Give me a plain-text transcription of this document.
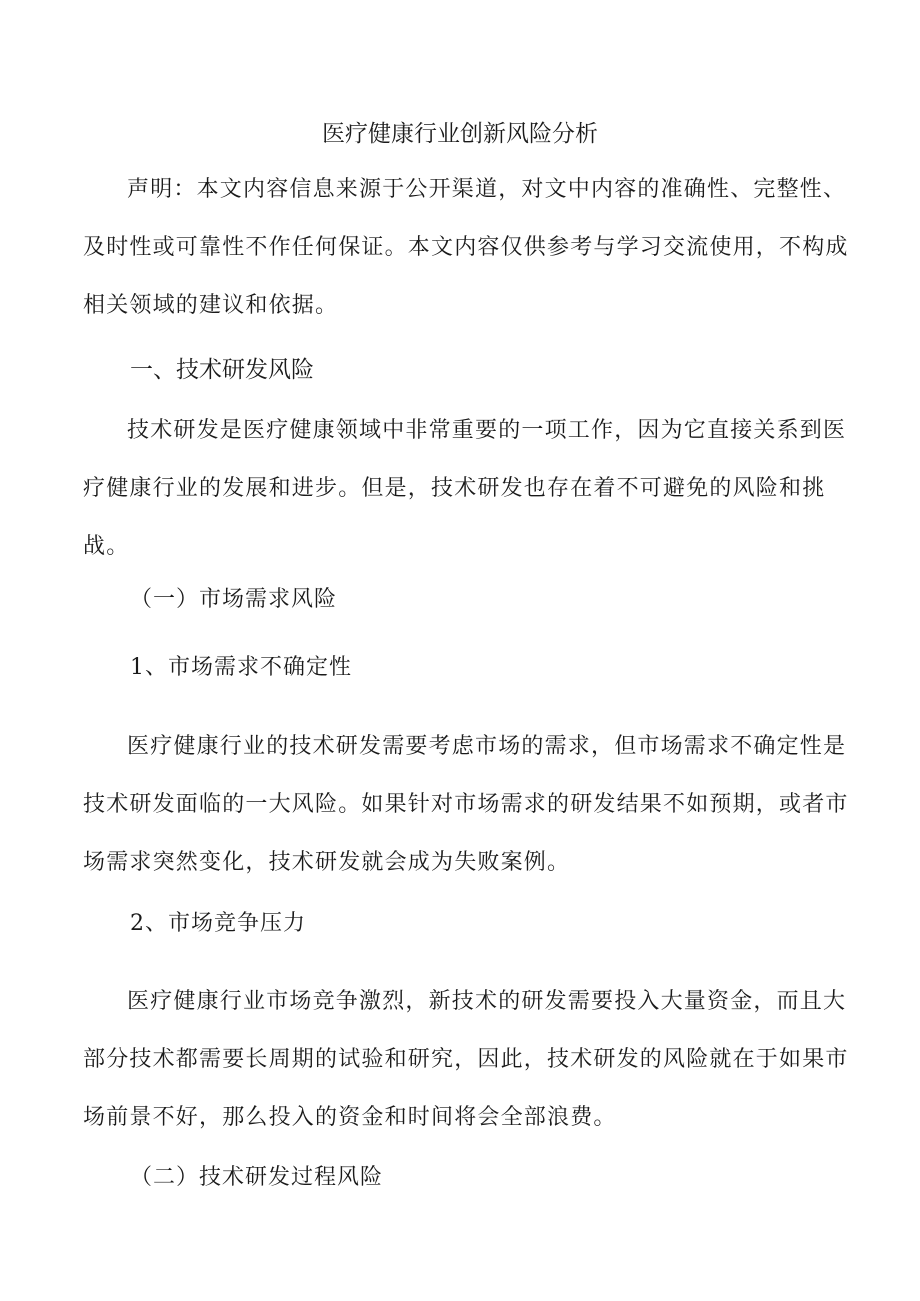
医疗健康行业创新风险分析

声明：本文内容信息来源于公开渠道，对文中内容的准确性、完整性、及时性或可靠性不作任何保证。本文内容仅供参考与学习交流使用，不构成相关领域的建议和依据。

一、技术研发风险

技术研发是医疗健康领域中非常重要的一项工作，因为它直接关系到医疗健康行业的发展和进步。但是，技术研发也存在着不可避免的风险和挑战。

（一）市场需求风险
1、市场需求不确定性

医疗健康行业的技术研发需要考虑市场的需求，但市场需求不确定性是技术研发面临的一大风险。如果针对市场需求的研发结果不如预期，或者市场需求突然变化，技术研发就会成为失败案例。

2、市场竞争压力

医疗健康行业市场竞争激烈，新技术的研发需要投入大量资金，而且大部分技术都需要长周期的试验和研究，因此，技术研发的风险就在于如果市场前景不好，那么投入的资金和时间将会全部浪费。

（二）技术研发过程风险
